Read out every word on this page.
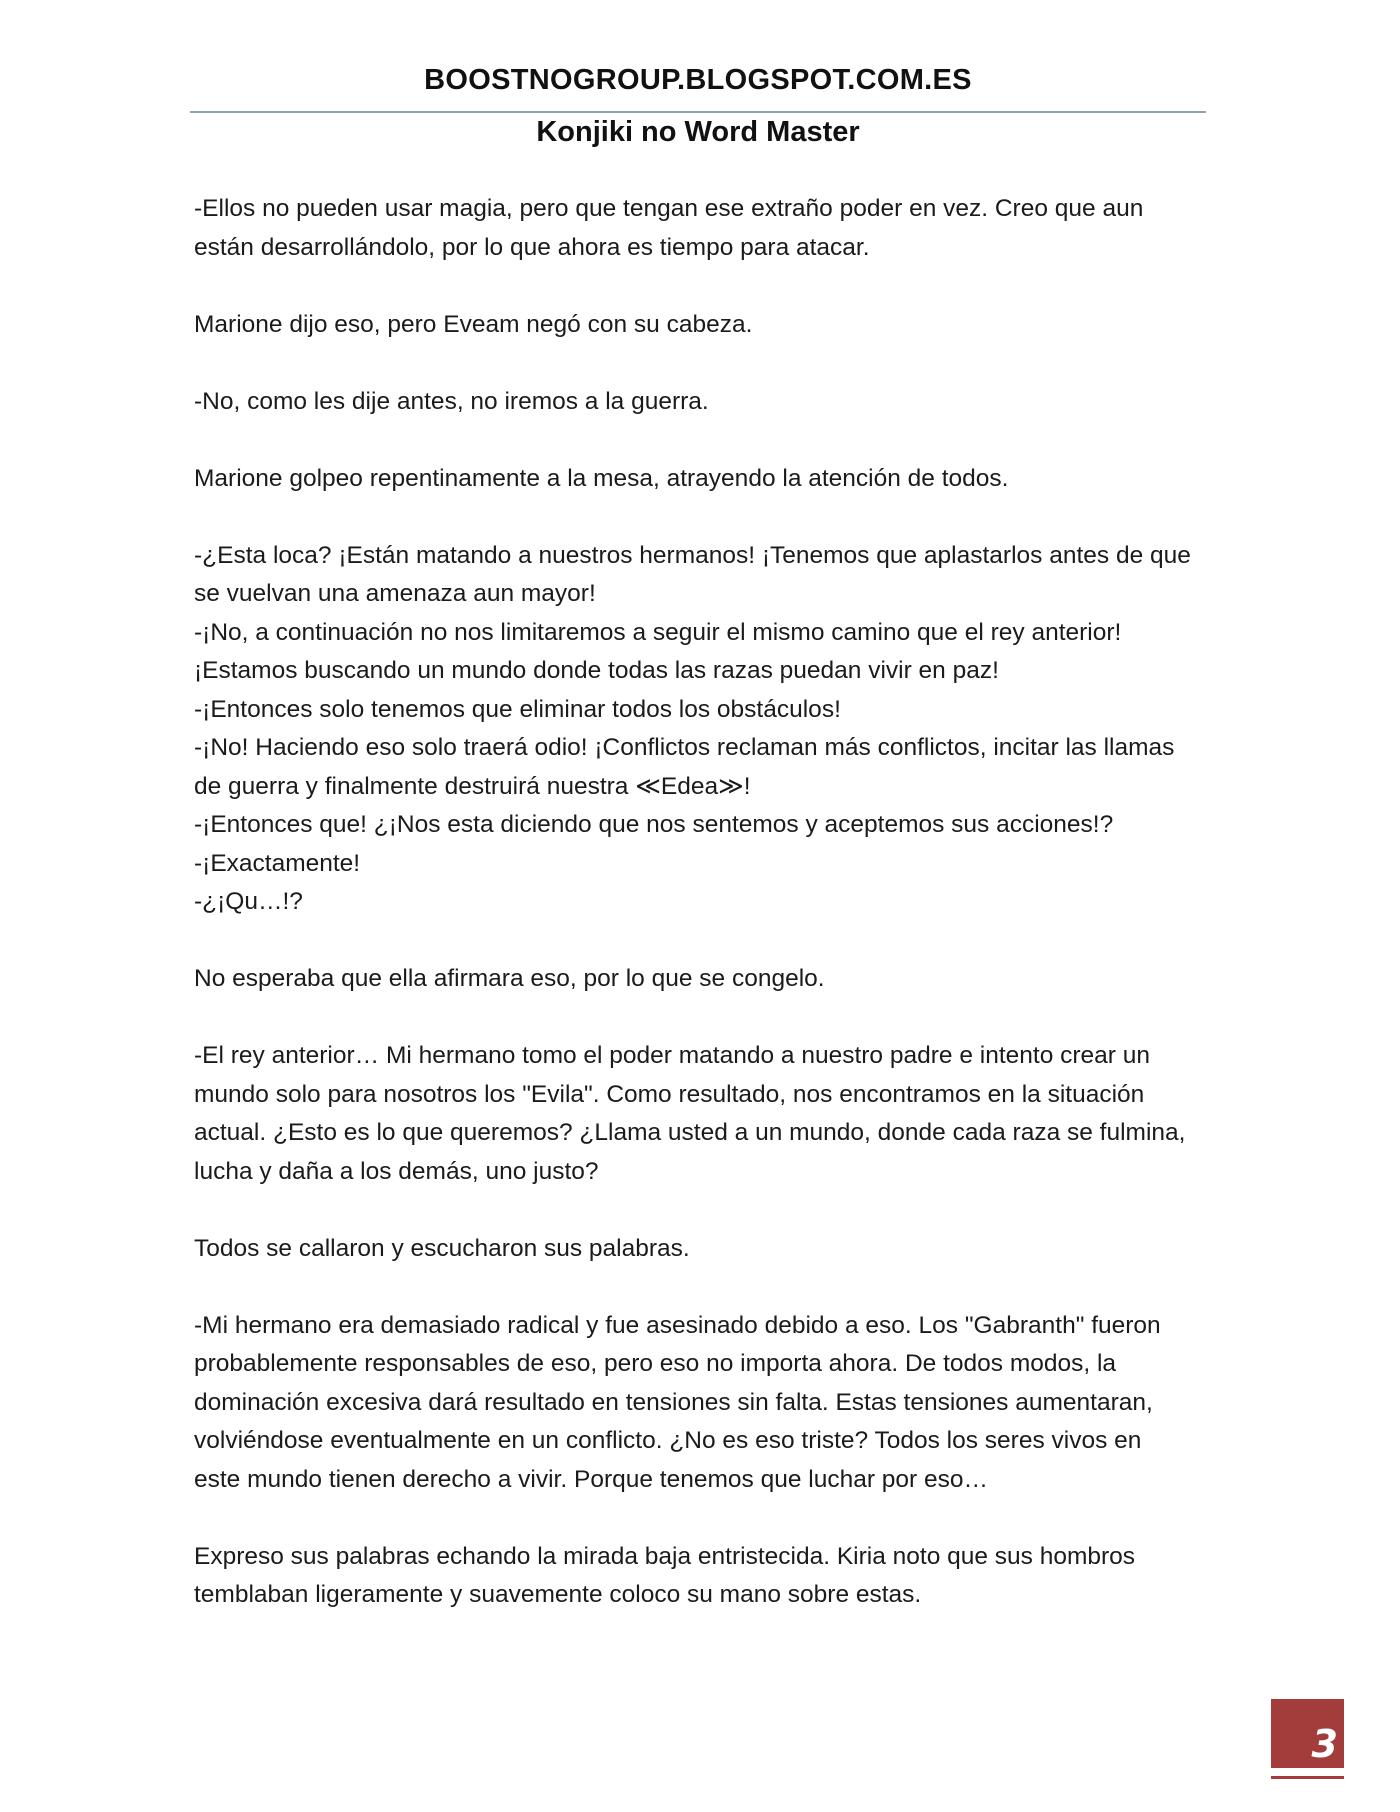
BOOSTNOGROUP.BLOGSPOT.COM.ES
Konjiki no Word Master

-Ellos no pueden usar magia, pero que tengan ese extraño poder en vez. Creo que aun
están desarrollándolo, por lo que ahora es tiempo para atacar.

Marione dijo eso, pero Eveam negó con su cabeza.

-No, como les dije antes, no iremos a la guerra.

Marione golpeo repentinamente a la mesa, atrayendo la atención de todos.

-¿Esta loca? ¡Están matando a nuestros hermanos! ¡Tenemos que aplastarlos antes de que
se vuelvan una amenaza aun mayor!
-¡No, a continuación no nos limitaremos a seguir el mismo camino que el rey anterior!
¡Estamos buscando un mundo donde todas las razas puedan vivir en paz!
-¡Entonces solo tenemos que eliminar todos los obstáculos!
-¡No! Haciendo eso solo traerá odio! ¡Conflictos reclaman más conflictos, incitar las llamas
de guerra y finalmente destruirá nuestra ≪Edea≫!
-¡Entonces que! ¿¡Nos esta diciendo que nos sentemos y aceptemos sus acciones!?
-¡Exactamente!
-¿¡Qu…!?

No esperaba que ella afirmara eso, por lo que se congelo.

-El rey anterior… Mi hermano tomo el poder matando a nuestro padre e intento crear un
mundo solo para nosotros los "Evila". Como resultado, nos encontramos en la situación
actual. ¿Esto es lo que queremos? ¿Llama usted a un mundo, donde cada raza se fulmina,
lucha y daña a los demás, uno justo?

Todos se callaron y escucharon sus palabras.

-Mi hermano era demasiado radical y fue asesinado debido a eso. Los "Gabranth" fueron
probablemente responsables de eso, pero eso no importa ahora. De todos modos, la
dominación excesiva dará resultado en tensiones sin falta. Estas tensiones aumentaran,
volviéndose eventualmente en un conflicto. ¿No es eso triste? Todos los seres vivos en
este mundo tienen derecho a vivir. Porque tenemos que luchar por eso…

Expreso sus palabras echando la mirada baja entristecida. Kiria noto que sus hombros
temblaban ligeramente y suavemente coloco su mano sobre estas.

3
